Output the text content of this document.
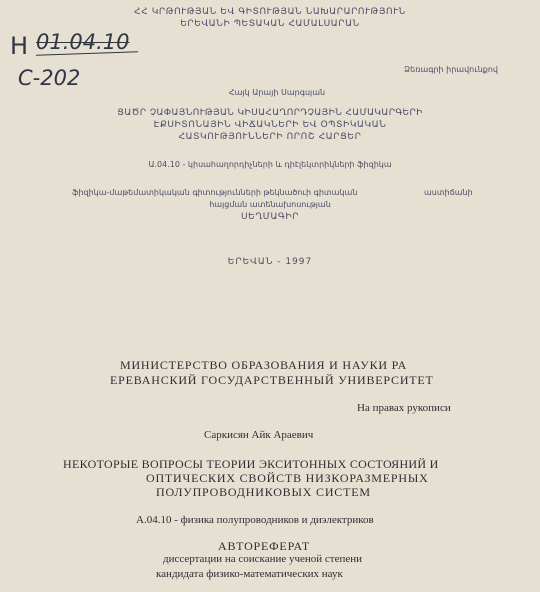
Н 01.04.10
С-202
ՀՀ ԿՐԹՈՒԹՅԱՆ ԵՎ ԳԻՏՈՒԹՅԱՆ ՆԱԽԱՐԱՐՈՒԹՅՈՒՆ
ԵՐԵՎԱՆԻ ՊԵՏԱԿԱՆ ՀԱՄԱԼՍԱՐԱՆ
Ձեռագրի իրավունքով
Հայկ Արայի Սարգսյան
ՑԱԾՐ ՉԱՓԱՅՆՈՒԹՅԱՆ ԿԻՍԱՀԱՂՈՐԴՉԱՅԻՆ ՀԱՄԱԿԱՐԳԵՐԻ
ԷՔՍԻՏՈՆԱՅԻՆ ՎԻՃԱԿՆԵՐԻ ԵՎ ՕՊՏԻԿԱԿԱՆ
ՀԱՏԿՈՒԹՅՈՒՆՆԵՐԻ ՈՐՈՇ ՀԱՐՑԵՐ
Ա.04.10 - կիսահաղորդիչների և դիէլեկտրիկների ֆիզիկա
ֆիզիկա-մաթեմատիկական գիտությունների թեկնածուի գիտական	աստիճանի
հայցման ատենախոսության
ՍԵՂՄԱԳԻՐ
ԵՐԵՎԱՆ - 1997
МИНИСТЕРСТВО ОБРАЗОВАНИЯ И НАУКИ РА
ЕРЕВАНСКИЙ ГОСУДАРСТВЕННЫЙ УНИВЕРСИТЕТ
На правах рукописи
Саркисян Айк Араевич
НЕКОТОРЫЕ ВОПРОСЫ ТЕОРИИ ЭКСИТОННЫХ СОСТОЯНИЙ И
ОПТИЧЕСКИХ СВОЙСТВ НИЗКОРАЗМЕРНЫХ
ПОЛУПРОВОДНИКОВЫХ СИСТЕМ
А.04.10 - физика полупроводников и диэлектриков
АВТОРЕФЕРАТ
диссертации на соискание ученой степени
кандидата физико-математических наук
